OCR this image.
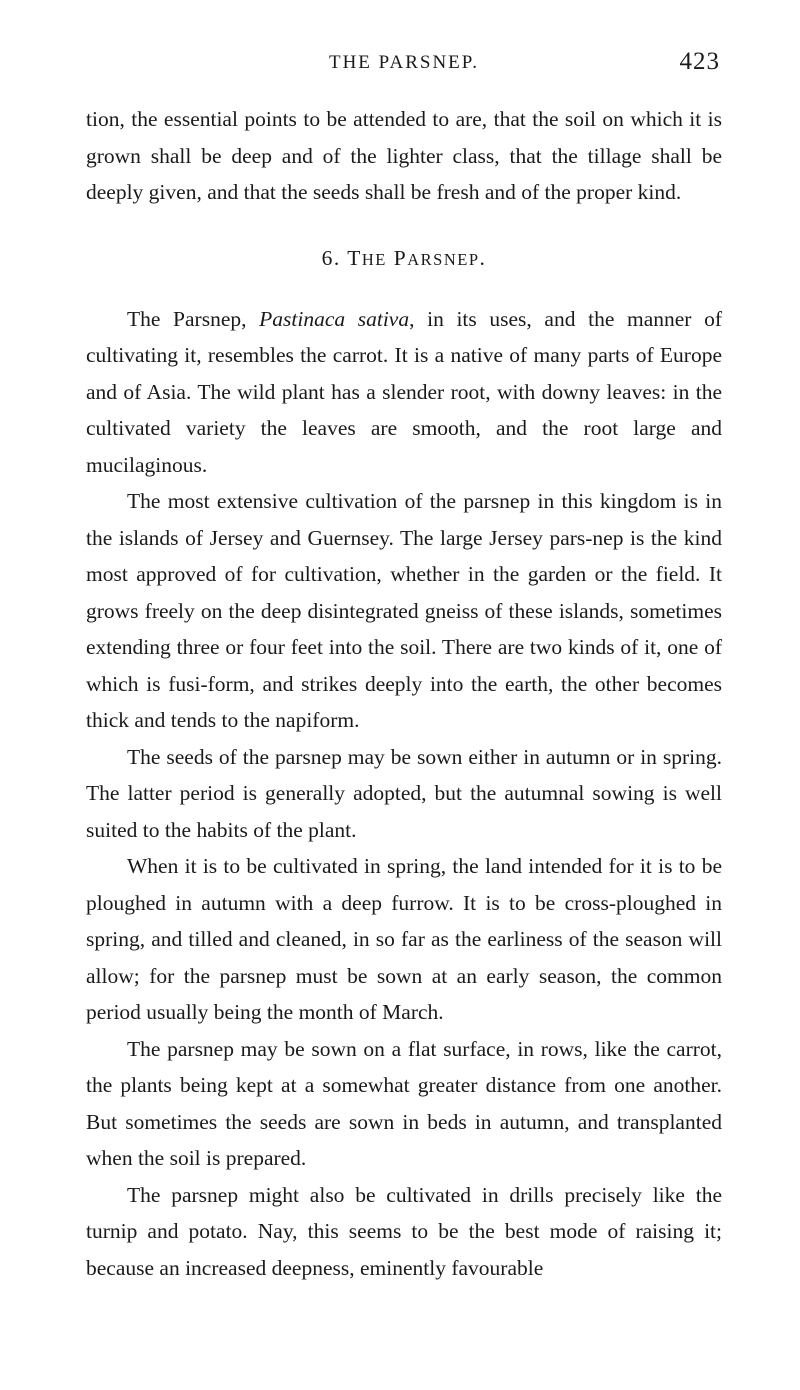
THE PARSNEP.	423

tion, the essential points to be attended to are, that the soil on which it is grown shall be deep and of the lighter class, that the tillage shall be deeply given, and that the seeds shall be fresh and of the proper kind.

6. THE PARSNEP.

The Parsnep, Pastinaca sativa, in its uses, and the manner of cultivating it, resembles the carrot. It is a native of many parts of Europe and of Asia. The wild plant has a slender root, with downy leaves: in the cultivated variety the leaves are smooth, and the root large and mucilaginous.

The most extensive cultivation of the parsnep in this kingdom is in the islands of Jersey and Guernsey. The large Jersey pars-nep is the kind most approved of for cultivation, whether in the garden or the field. It grows freely on the deep disintegrated gneiss of these islands, sometimes extending three or four feet into the soil. There are two kinds of it, one of which is fusi-form, and strikes deeply into the earth, the other becomes thick and tends to the napiform.

The seeds of the parsnep may be sown either in autumn or in spring. The latter period is generally adopted, but the autumnal sowing is well suited to the habits of the plant.

When it is to be cultivated in spring, the land intended for it is to be ploughed in autumn with a deep furrow. It is to be cross-ploughed in spring, and tilled and cleaned, in so far as the earliness of the season will allow; for the parsnep must be sown at an early season, the common period usually being the month of March.

The parsnep may be sown on a flat surface, in rows, like the carrot, the plants being kept at a somewhat greater distance from one another. But sometimes the seeds are sown in beds in autumn, and transplanted when the soil is prepared.

The parsnep might also be cultivated in drills precisely like the turnip and potato. Nay, this seems to be the best mode of raising it; because an increased deepness, eminently favourable
